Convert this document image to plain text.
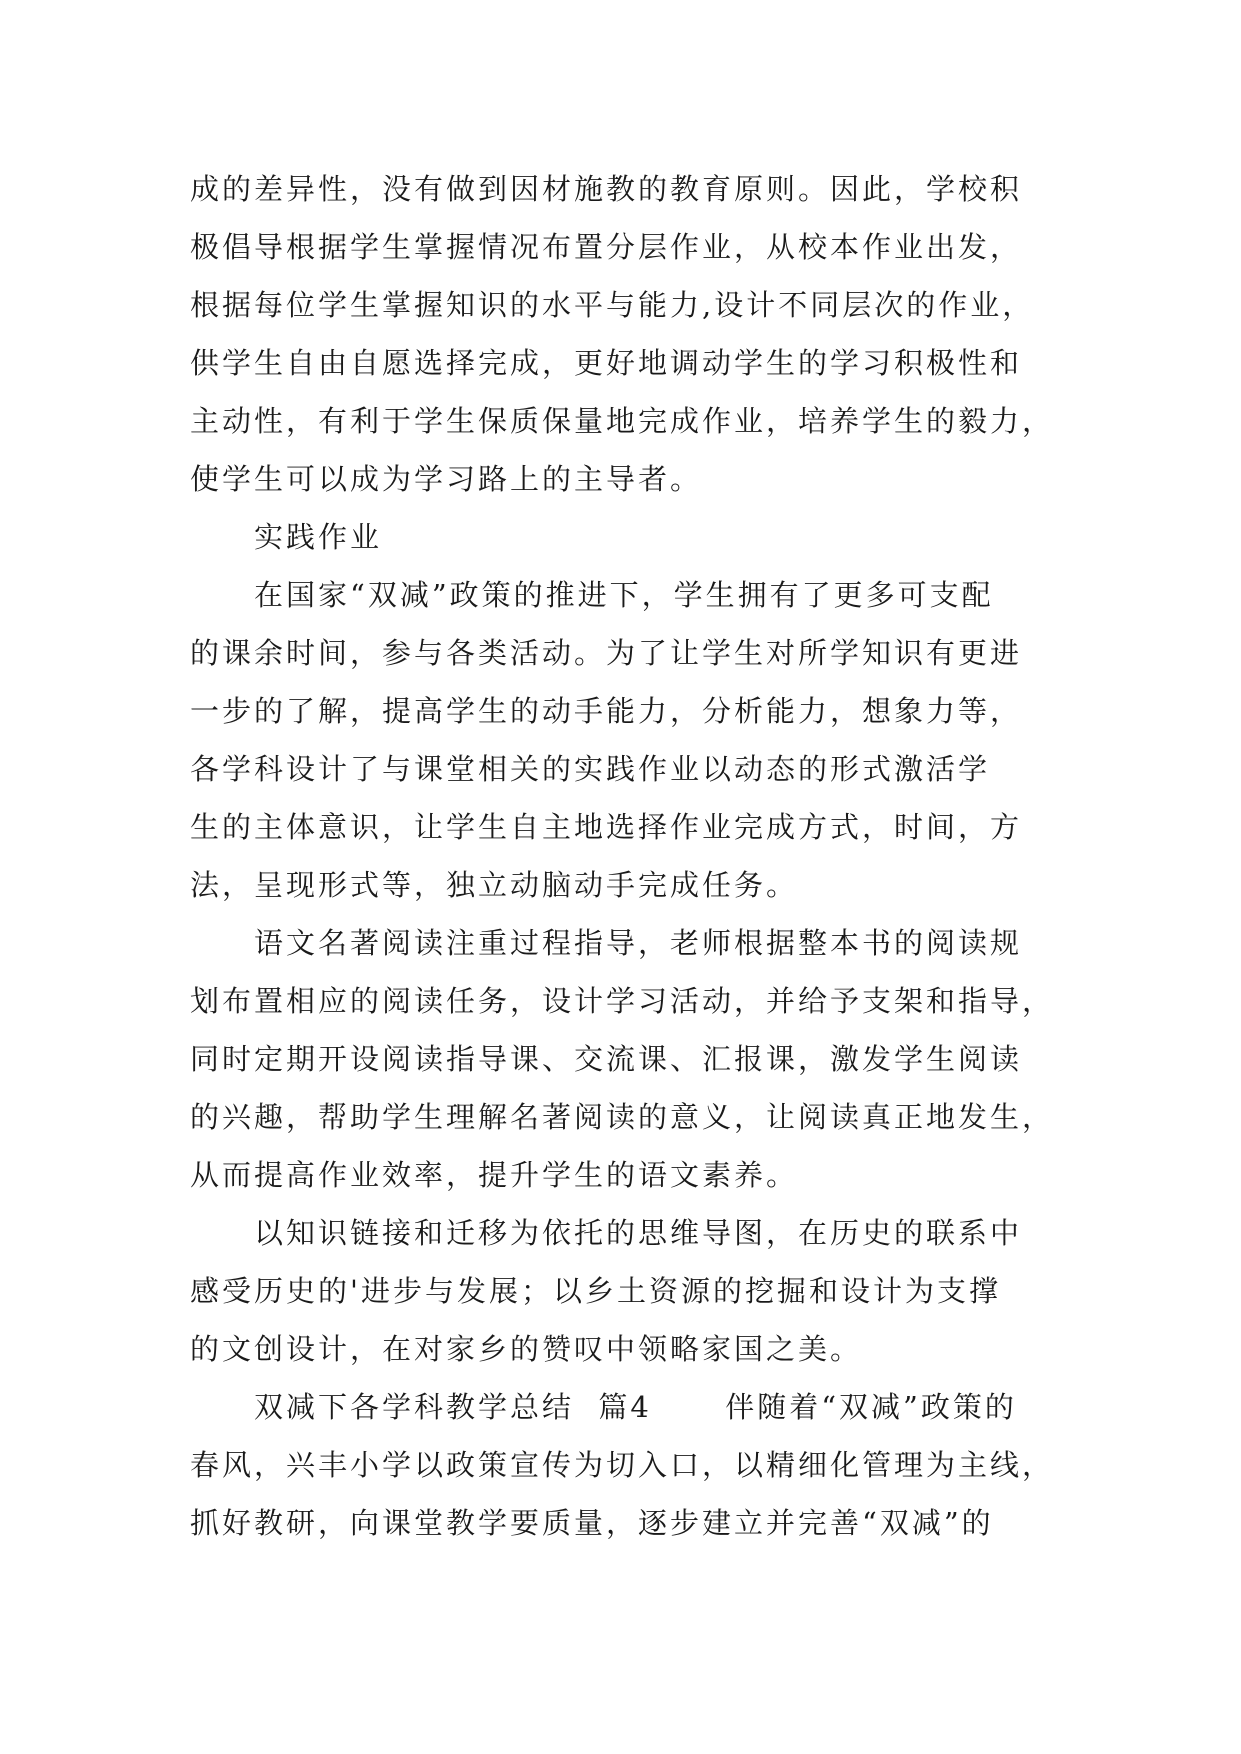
成的差异性，没有做到因材施教的教育原则。因此，学校积
极倡导根据学生掌握情况布置分层作业，从校本作业出发，
根据每位学生掌握知识的水平与能力,设计不同层次的作业，
供学生自由自愿选择完成，更好地调动学生的学习积极性和
主动性，有利于学生保质保量地完成作业，培养学生的毅力，
使学生可以成为学习路上的主导者。
实践作业
在国家“双减”政策的推进下，学生拥有了更多可支配
的课余时间，参与各类活动。为了让学生对所学知识有更进
一步的了解，提高学生的动手能力，分析能力，想象力等，
各学科设计了与课堂相关的实践作业以动态的形式激活学
生的主体意识，让学生自主地选择作业完成方式，时间，方
法，呈现形式等，独立动脑动手完成任务。
语文名著阅读注重过程指导，老师根据整本书的阅读规
划布置相应的阅读任务，设计学习活动，并给予支架和指导，
同时定期开设阅读指导课、交流课、汇报课，激发学生阅读
的兴趣，帮助学生理解名著阅读的意义，让阅读真正地发生，
从而提高作业效率，提升学生的语文素养。
以知识链接和迁移为依托的思维导图，在历史的联系中
感受历史的'进步与发展；以乡土资源的挖掘和设计为支撑
的文创设计，在对家乡的赞叹中领略家国之美。
双减下各学科教学总结  篇4      伴随着“双减”政策的
春风，兴丰小学以政策宣传为切入口，以精细化管理为主线，
抓好教研，向课堂教学要质量，逐步建立并完善“双减”的
